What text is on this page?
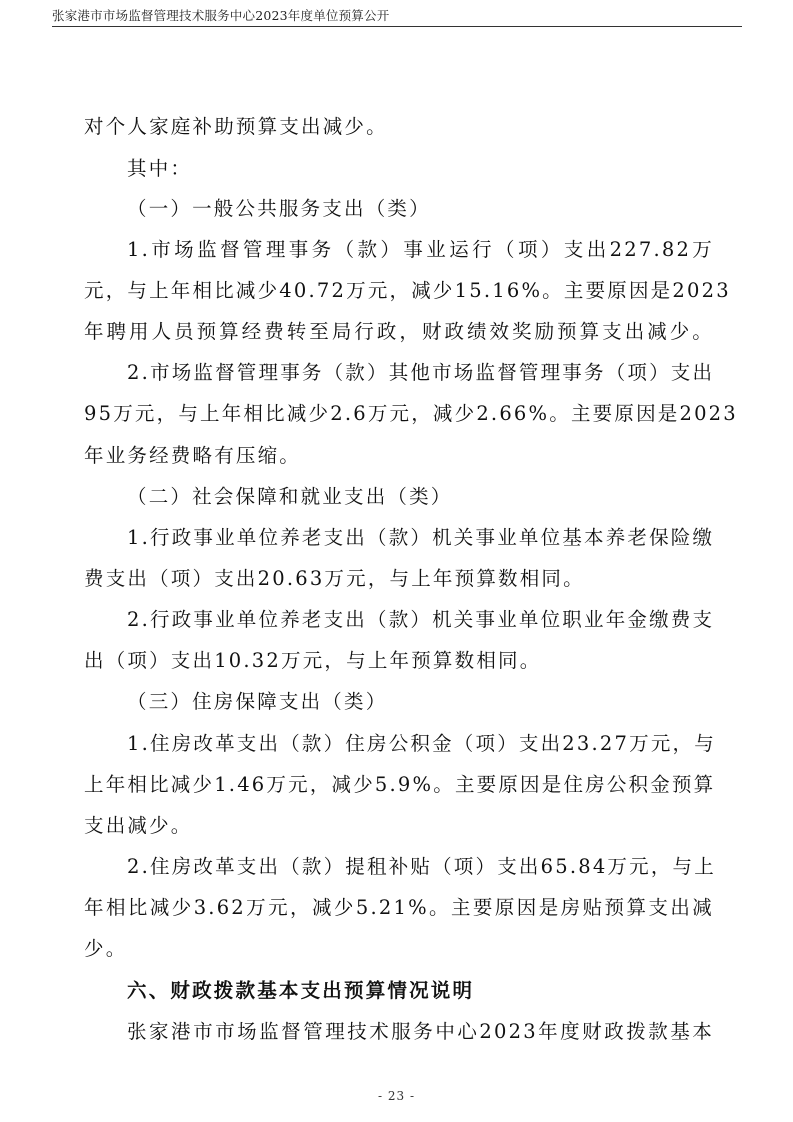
张家港市市场监督管理技术服务中心2023年度单位预算公开
对个人家庭补助预算支出减少。
其中：
（一）一般公共服务支出（类）
1.市场监督管理事务（款）事业运行（项）支出227.82万
元，与上年相比减少40.72万元，减少15.16%。主要原因是2023
年聘用人员预算经费转至局行政，财政绩效奖励预算支出减少。
2.市场监督管理事务（款）其他市场监督管理事务（项）支出
95万元，与上年相比减少2.6万元，减少2.66%。主要原因是2023
年业务经费略有压缩。
（二）社会保障和就业支出（类）
1.行政事业单位养老支出（款）机关事业单位基本养老保险缴
费支出（项）支出20.63万元，与上年预算数相同。
2.行政事业单位养老支出（款）机关事业单位职业年金缴费支
出（项）支出10.32万元，与上年预算数相同。
（三）住房保障支出（类）
1.住房改革支出（款）住房公积金（项）支出23.27万元，与
上年相比减少1.46万元，减少5.9%。主要原因是住房公积金预算
支出减少。
2.住房改革支出（款）提租补贴（项）支出65.84万元，与上
年相比减少3.62万元，减少5.21%。主要原因是房贴预算支出减
少。
六、财政拨款基本支出预算情况说明
张家港市市场监督管理技术服务中心2023年度财政拨款基本
- 23 -
